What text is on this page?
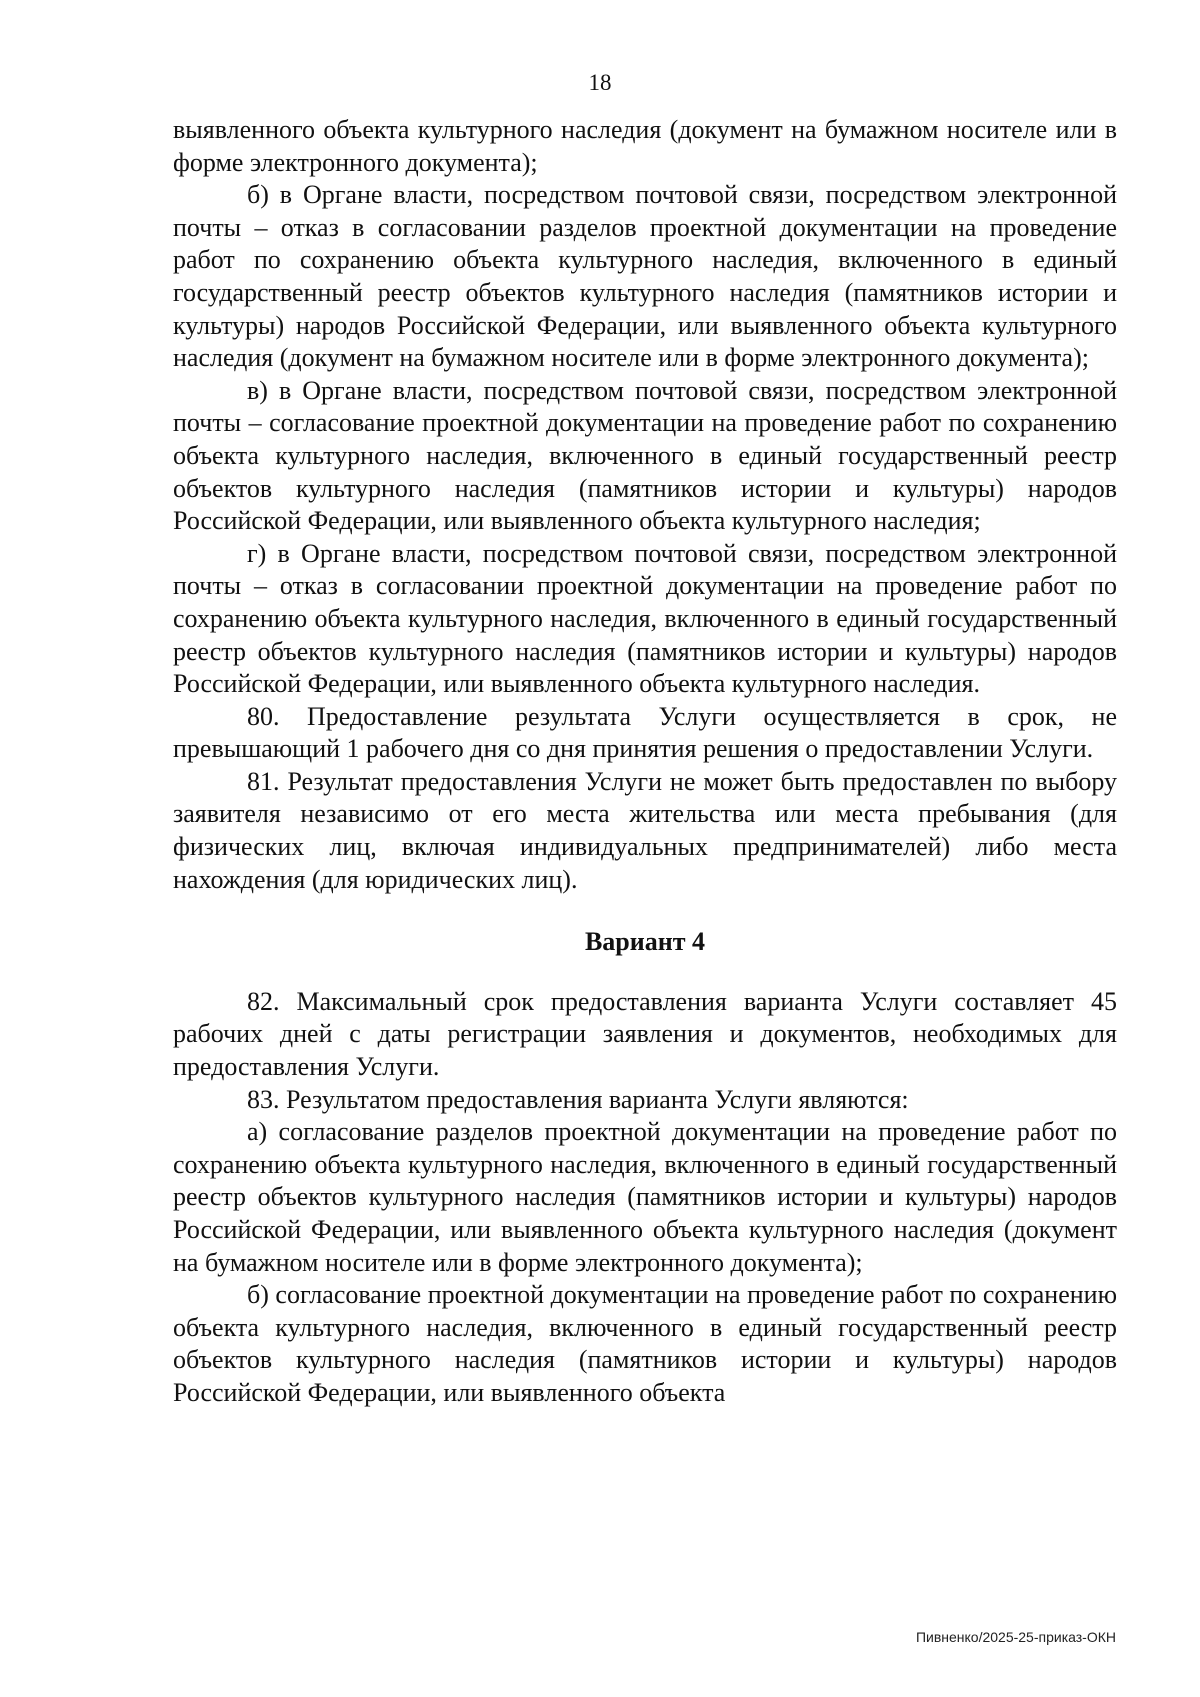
18

выявленного объекта культурного наследия (документ на бумажном носителе или в форме электронного документа);

б) в Органе власти, посредством почтовой связи, посредством электронной почты – отказ в согласовании разделов проектной документации на проведение работ по сохранению объекта культурного наследия, включенного в единый государственный реестр объектов культурного наследия (памятников истории и культуры) народов Российской Федерации, или выявленного объекта культурного наследия (документ на бумажном носителе или в форме электронного документа);

в) в Органе власти, посредством почтовой связи, посредством электронной почты – согласование проектной документации на проведение работ по сохранению объекта культурного наследия, включенного в единый государственный реестр объектов культурного наследия (памятников истории и культуры) народов Российской Федерации, или выявленного объекта культурного наследия;

г) в Органе власти, посредством почтовой связи, посредством электронной почты – отказ в согласовании проектной документации на проведение работ по сохранению объекта культурного наследия, включенного в единый государственный реестр объектов культурного наследия (памятников истории и культуры) народов Российской Федерации, или выявленного объекта культурного наследия.

80. Предоставление результата Услуги осуществляется в срок, не превышающий 1 рабочего дня со дня принятия решения о предоставлении Услуги.

81. Результат предоставления Услуги не может быть предоставлен по выбору заявителя независимо от его места жительства или места пребывания (для физических лиц, включая индивидуальных предпринимателей) либо места нахождения (для юридических лиц).

Вариант 4

82. Максимальный срок предоставления варианта Услуги составляет 45 рабочих дней с даты регистрации заявления и документов, необходимых для предоставления Услуги.

83. Результатом предоставления варианта Услуги являются:

а) согласование разделов проектной документации на проведение работ по сохранению объекта культурного наследия, включенного в единый государственный реестр объектов культурного наследия (памятников истории и культуры) народов Российской Федерации, или выявленного объекта культурного наследия (документ на бумажном носителе или в форме электронного документа);

б) согласование проектной документации на проведение работ по сохранению объекта культурного наследия, включенного в единый государственный реестр объектов культурного наследия (памятников истории и культуры) народов Российской Федерации, или выявленного объекта

Пивненко/2025-25-приказ-ОКН
